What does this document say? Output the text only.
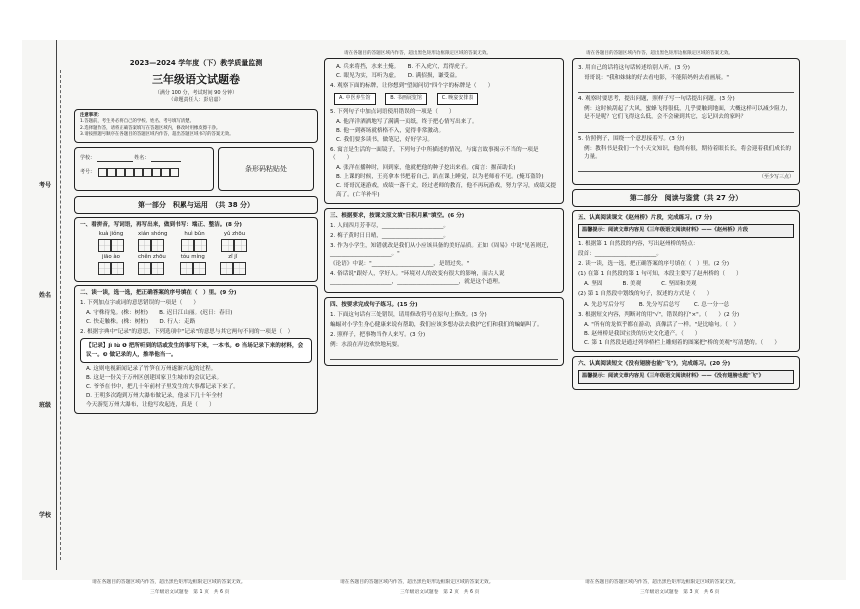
考号
姓名
班级
学校
请在各题目的答题区域内作答，超出黑色矩形边框限定区域的答案无效。	请在各题目的答题区域内作答，超出黑色矩形边框限定区域的答案无效。
2023—2024 学年度（下）教学质量监测
三年级语文试题卷
（满分 100 分，考试时间 90 分钟）
（命题责任人：彭启嘉）
注意事项：
1.答题前，考生务必将自己的学校、姓名、考号填写清楚。
2.选择题作答，请将正确答案填写在答题区域内，修改时用橡皮擦干净。
3.请按照题号顺序在各题目的答题区域内作答，超出答题区域书写的答案无效。
学校：	姓名：
考号：	条形码粘贴处
第一部分　积累与运用　（共 38 分）
一、看拼音，写词语，再写出来，做到书写：端正、整洁。(8 分)
kuà jiǒng	xián shóng	huì bǔn	yǔ zhōu
jiāo ào	chěn zhōu	tóu míng	zǐ jǐ
二、读一读，选一选，把正确答案的序号填在（　）里。(9 分)
1. 下列加点字或词的意思错误的一项是（　　）
A. 守株待兔。(株：树桩)　　B. 迟日江山丽。(迟日：春日)
C. 快走触株。(株：树桩)　　D. 行人：走路
2. 根据字典中"记录"的意思，下列选项中"记录"的意思与其它两句不同的一项是（　）
【记录】jì lù ❶ 把所听到的话或发生的事写下来，一本书。❷ 当场记录下来的材料，会议一。❸ 做记录的人，推举他当一。
A. 这则电视新闻记录了竹笋在万州遂渐兴起的过程。
B. 这是一份关于万州区创建国家卫生城市的会议记录。
C. 爷爷在书中，把几十年前村子里发生的大事都记录下来了。
D. 王明多次跑到万州大瀑布做记录，他录下几十年全村
今天游览万州大瀑布，让他写攻起连，真是（　　）
A. 兵来将挡，水来土掩。　　B. 不入虎穴，焉得虎子。
C. 眼见为实，耳听为虚。　　D. 满招损，谦受益。
4. 观察下面的标牌，让你想到"望闻问切"四个字的标牌是（　　）
A. 中医养生馆	B. 书画展览馆	C. 晚宴安排表
5. 下列句子中加点词语使用错误的一项是（　　）
A. 他洋洋洒洒地写了满满一页纸，终于把心情写出来了。
B. 他一到赛场就格格不入，觉得非常激动。
C. 我们要多读书，做笔记，好好学习。
6. 寓言是生活的一面镜子，下列句子中所描述的情况，与寓言故事揭示不当的一项是（　　）
A. 张洋在播种时，回到家，他就把他的种子挖出来看。(寓言：揠苗助长)
B. 上课的时候，王亮拿本书把着自己，趴在课上睡觉，以为老师看不见。(掩耳盗铃)
C. 哥哥沉迷游戏，成绩一落千丈，经过老师的教育，他不再玩游戏，努力学习，成绩又提高了。(亡羊补牢)
三、根据要求，按课文原文填"日积月累"填空。(6 分)
1. 人间四月芳菲尽，______________________。
2. 梅子黄时日日晴，______________________。
3. 作为小学生，知错就改是我们从小应该具备的美好品质。正如《周易》中说"见善则迁，______________________。"
《论语》中说："______________________，是谓过矣。"
4. 俗话说"跟好人，学好人。"环境对人的改变有很大的影响，而古人说______________________，______________________，就是这个道理。
四、按要求完成句子练习。(15 分)
1. 下面这句话有三处错误，请用修改符号在原句上修改。(3 分)
蝙蝠对小学生身心健康来说有帮助，我们应该多想办法去救护它们和我们的蝙蝠叫了。
2. 照样子，把事物当作人来写。(3 分)
例：水浪在岸边欢快地玩耍。
3. 用自己的话将这句话转述给别人听。(3 分)
哥哥说："我和妹妹的好去看电影，不能陪妈妈去看画展。"
4. 观察时要思考，提出问题，照样子写一句话提出问题。(3 分)
例：这时候刮起了大风，蜜蜂飞得很低，几乎要触到地面，大概这样可以减少阻力，是不是呢？它们飞得这么低，会不会碰到其它，忘记回去的家吗？
5. 仿照例子，围绕一个意思接着写。(3 分)
例：教科书是我们一个小天文知识，他尚有很，期待着眼长长，将会迎着我们成长的力量。
（至少写三点）
第二部分　阅读与鉴赏（共 27 分）
五、认真阅读课文《赵州桥》片段，完成练习。(7 分)
温馨提示：阅读文章内容见《三年级语文阅读材料》——《赵州桥》片段
1. 根据第 1 自然段的内容，写出赵州桥的特点：
段首：______________________。
2. 读一读，选一选，把正确答案的序号填在（　）里。(2 分)
(1) 在第 1 自然段的第 1 句可知，本段主要写了赵州桥的（　　）
A. 坚固	B. 美观	C. 坚固和美观
(2) 第 1 自然段中划线的句子，叙述的方式是（　　）
A. 先总写后分写	B. 先分写后总写	C. 总一分一总
3. 根据短文内容，判断对的用"√"，错误的打"×"。（　　）(2 分)
A. "所有的龙似乎都在游动，真像活了一样。"是比喻句。（　）
B. 赵州桥是我国宝贵的历史文化遗产。（　　）
C. 第 1 自然段是通过列举桥栏上雕刻着的图案把"桥的美观"写清楚的。（　　）
六、认真阅读短文《没有翅膀也能"飞"》，完成练习。(20 分)
温馨提示：阅读文章内容见《三年级语文阅读材料》——《没有翅膀也能"飞"》
请在各题目的答题区域内作答，超出黑色矩形边框限定区域的答案无效。	请在各题目的答题区域内作答，超出黑色矩形边框限定区域的答案无效。	请在各题目的答题区域内作答，超出黑色矩形边框限定区域的答案无效。
三年级语文试题卷　第 1 页　共 6 页	三年级语文试题卷　第 2 页　共 6 页	三年级语文试题卷　第 3 页　共 6 页
